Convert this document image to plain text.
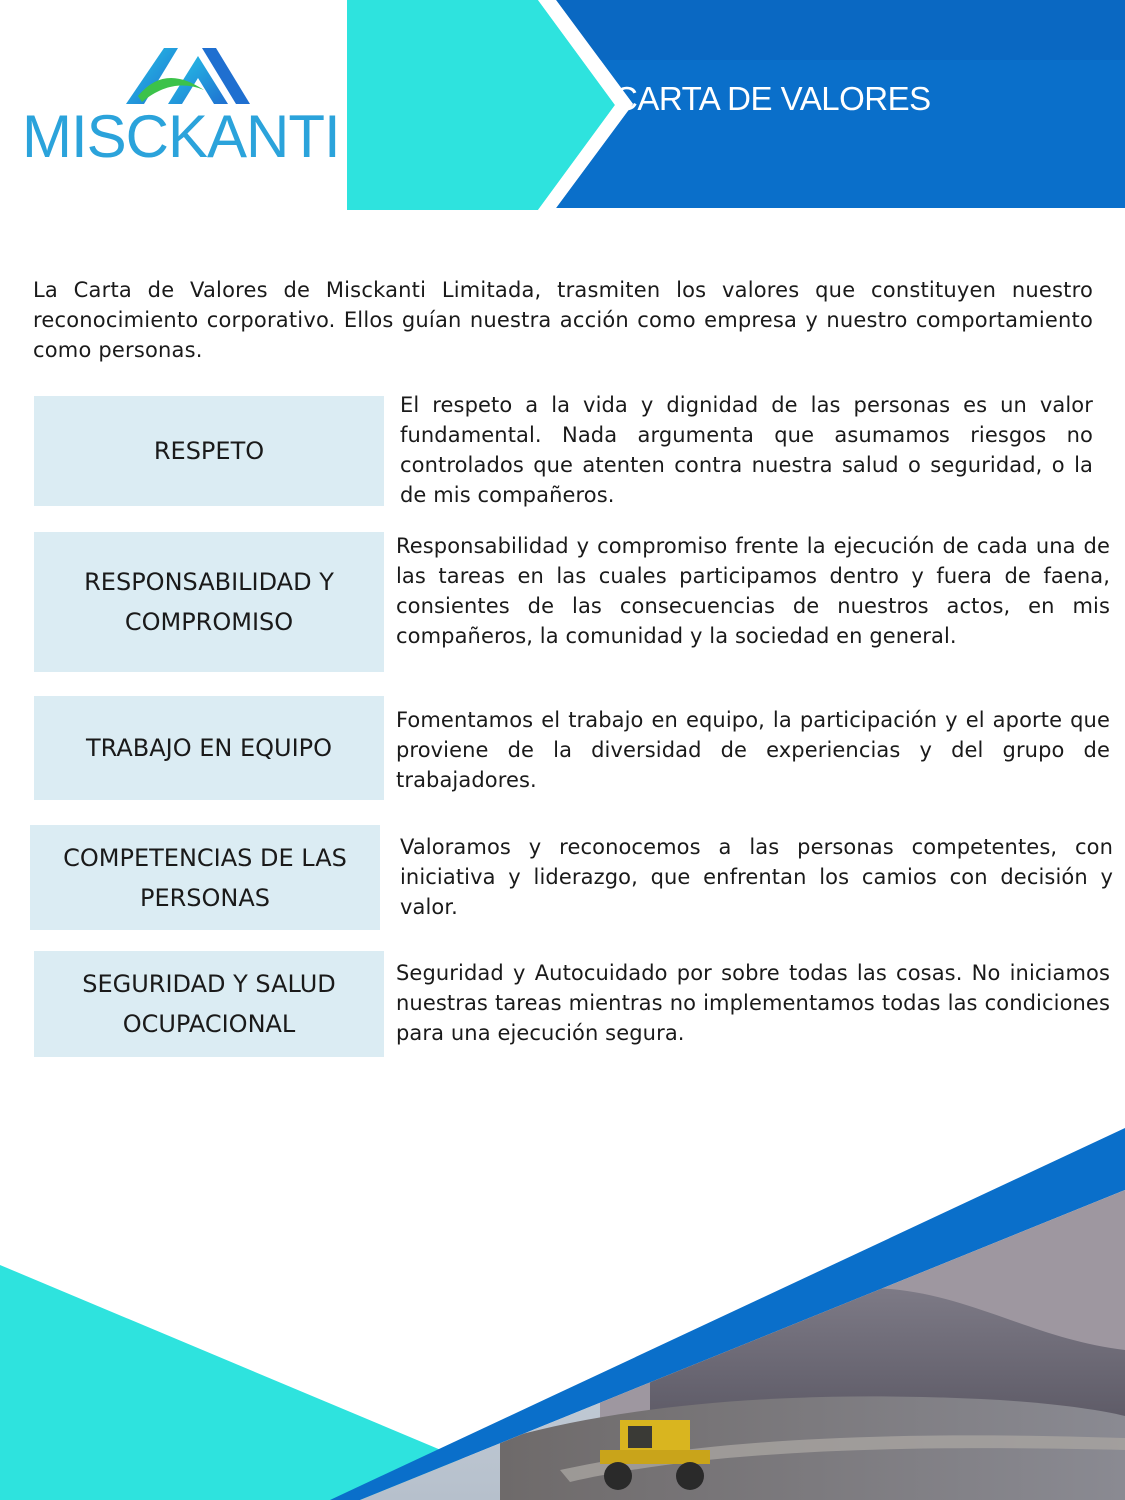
MISCKANTI
CARTA DE VALORES

La Carta de Valores de Misckanti Limitada, trasmiten los valores que constituyen nuestro reconocimiento corporativo. Ellos guían nuestra acción como empresa y nuestro comportamiento como personas.

RESPETO
El respeto a la vida y dignidad de las personas es un valor fundamental. Nada argumenta que asumamos riesgos no controlados que atenten contra nuestra salud o seguridad, o la de mis compañeros.
RESPONSABILIDAD Y COMPROMISO
Responsabilidad y compromiso frente la ejecución de cada una de las tareas en las cuales participamos dentro y fuera de faena, consientes de las consecuencias de nuestros actos, en mis compañeros, la comunidad y la sociedad en general.
TRABAJO EN EQUIPO
Fomentamos el trabajo en equipo, la participación y el aporte que proviene de la diversidad de experiencias y del grupo de trabajadores.
COMPETENCIAS DE LAS PERSONAS
Valoramos y reconocemos a las personas competentes, con iniciativa y liderazgo, que enfrentan los camios con decisión y valor.
SEGURIDAD Y SALUD OCUPACIONAL
Seguridad y Autocuidado por sobre todas las cosas. No iniciamos nuestras tareas mientras no implementamos todas las condiciones para una ejecución segura.
